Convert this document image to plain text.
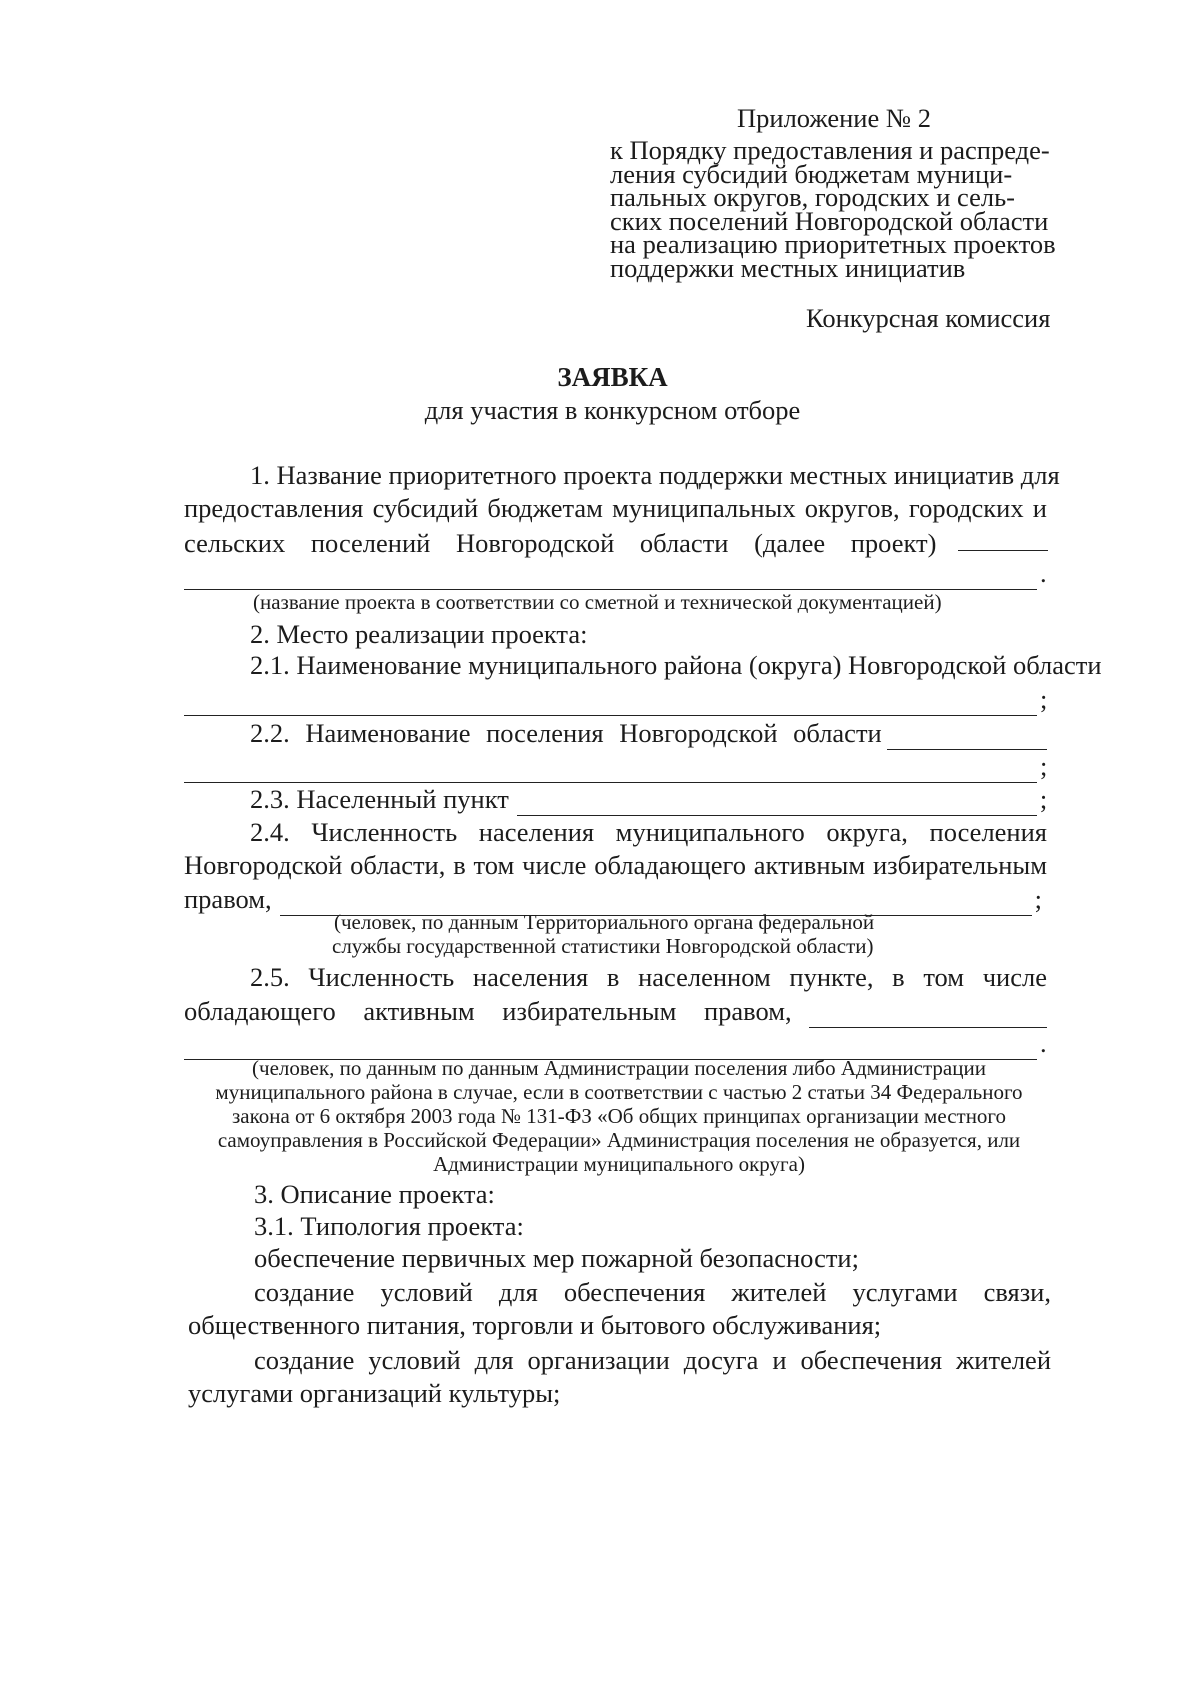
Приложение № 2
к Порядку предоставления и распреде-
ления субсидий бюджетам муници-
пальных округов, городских и сель-
ских поселений Новгородской области
на реализацию приоритетных проектов
поддержки местных инициатив
Конкурсная комиссия
ЗАЯВКА
для участия в конкурсном отборе
1. Название приоритетного проекта поддержки местных инициатив для
предоставления субсидий бюджетам муниципальных округов, городских и
сельских поселений Новгородской области (далее проект)
.
(название проекта в соответствии со сметной и технической документацией)
2. Место реализации проекта:
2.1. Наименование муниципального района (округа) Новгородской области
;
2.2. Наименование поселения Новгородской области
;
2.3. Населенный пункт	;
2.4. Численность населения муниципального округа, поселения
Новгородской области, в том числе обладающего активным избирательным
правом,	;
(человек, по данным Территориального органа федеральной
службы государственной статистики Новгородской области)
2.5. Численность населения в населенном пункте, в том числе
обладающего активным избирательным правом,
.
(человек, по данным по данным Администрации поселения либо Администрации
муниципального района в случае, если в соответствии с частью 2 статьи 34 Федерального
закона от 6 октября 2003 года № 131-ФЗ «Об общих принципах организации местного
самоуправления в Российской Федерации» Администрация поселения не образуется, или
Администрации муниципального округа)
3. Описание проекта:
3.1. Типология проекта:
обеспечение первичных мер пожарной безопасности;
создание условий для обеспечения жителей услугами связи,
общественного питания, торговли и бытового обслуживания;
создание условий для организации досуга и обеспечения жителей
услугами организаций культуры;
